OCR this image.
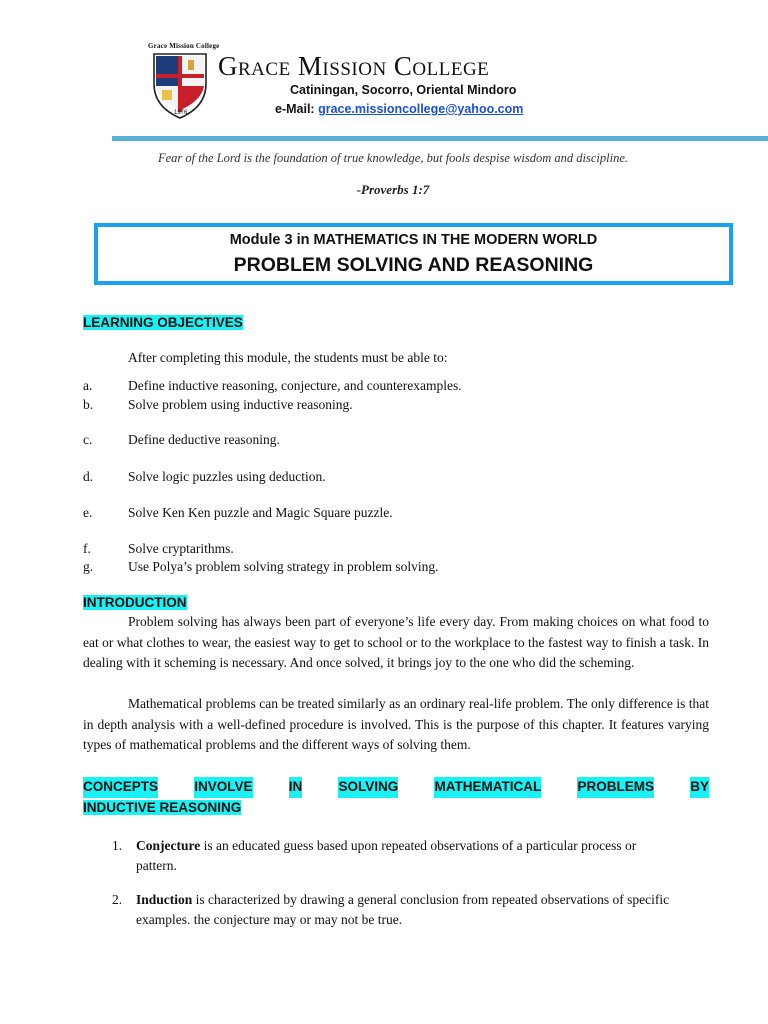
Grace Mission College
1976
Grace Mission College
Catiningan, Socorro, Oriental Mindoro
e-Mail: grace.missioncollege@yahoo.com
Fear of the Lord is the foundation of true knowledge, but fools despise wisdom and discipline.
-Proverbs 1:7
Module 3 in MATHEMATICS IN THE MODERN WORLD
PROBLEM SOLVING AND REASONING
LEARNING OBJECTIVES
After completing this module, the students must be able to:
a.	Define inductive reasoning, conjecture, and counterexamples.
b.	Solve problem using inductive reasoning.
c.	Define deductive reasoning.
d.	Solve logic puzzles using deduction.
e.	Solve Ken Ken puzzle and Magic Square puzzle.
f.	Solve cryptarithms.
g.	Use Polya’s problem solving strategy in problem solving.
INTRODUCTION
Problem solving has always been part of everyone’s life every day. From making choices on what food to eat or what clothes to wear, the easiest way to get to school or to the workplace to the fastest way to finish a task. In dealing with it scheming is necessary. And once solved, it brings joy to the one who did the scheming.
Mathematical problems can be treated similarly as an ordinary real-life problem. The only difference is that in depth analysis with a well-defined procedure is involved. This is the purpose of this chapter. It features varying types of mathematical problems and the different ways of solving them.
CONCEPTS	INVOLVE	IN	SOLVING	MATHEMATICAL	PROBLEMS	BY
INDUCTIVE REASONING
1. Conjecture is an educated guess based upon repeated observations of a particular process or pattern.
2. Induction is characterized by drawing a general conclusion from repeated observations of specific examples. the conjecture may or may not be true.
